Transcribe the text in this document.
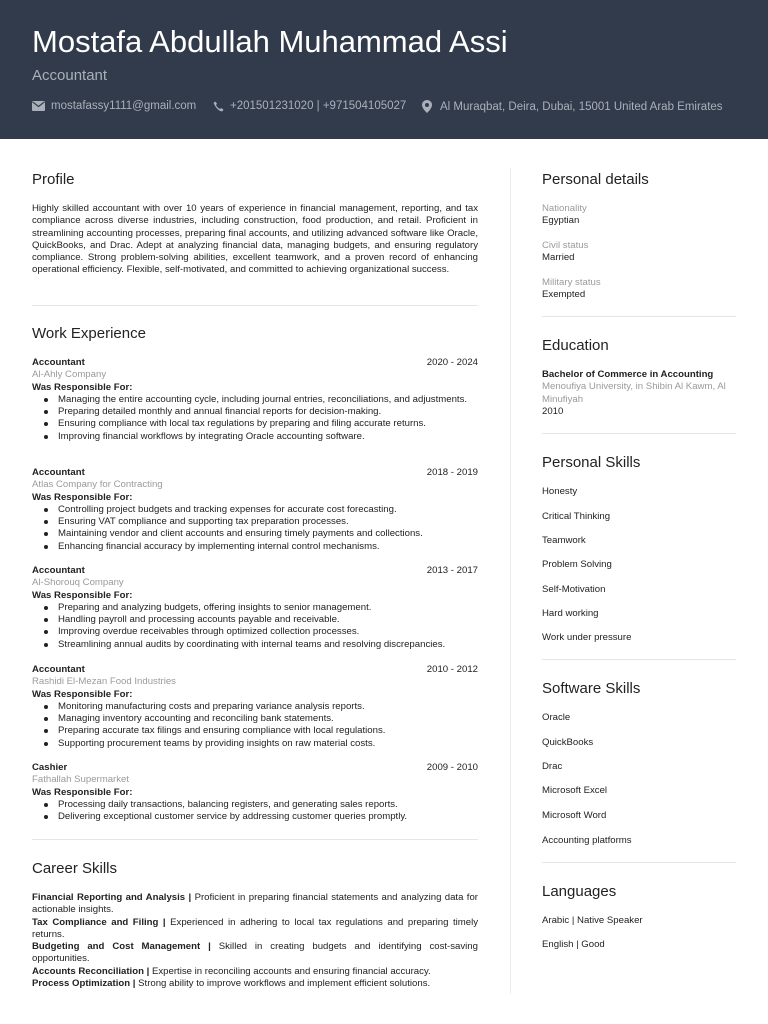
Mostafa Abdullah Muhammad Assi
Accountant
mostafassy1111@gmail.com	+201501231020 | +971504105027	Al Muraqbat, Deira, Dubai, 15001 United Arab Emirates
Profile
Highly skilled accountant with over 10 years of experience in financial management, reporting, and tax compliance across diverse industries, including construction, food production, and retail. Proficient in streamlining accounting processes, preparing final accounts, and utilizing advanced software like Oracle, QuickBooks, and Drac. Adept at analyzing financial data, managing budgets, and ensuring regulatory compliance. Strong problem-solving abilities, excellent teamwork, and a proven record of enhancing operational efficiency. Flexible, self-motivated, and committed to achieving organizational success.
Work Experience
Accountant	2020 - 2024
Al-Ahly Company
Was Responsible For:
Managing the entire accounting cycle, including journal entries, reconciliations, and adjustments.
Preparing detailed monthly and annual financial reports for decision-making.
Ensuring compliance with local tax regulations by preparing and filing accurate returns.
Improving financial workflows by integrating Oracle accounting software.
Accountant	2018 - 2019
Atlas Company for Contracting
Was Responsible For:
Controlling project budgets and tracking expenses for accurate cost forecasting.
Ensuring VAT compliance and supporting tax preparation processes.
Maintaining vendor and client accounts and ensuring timely payments and collections.
Enhancing financial accuracy by implementing internal control mechanisms.
Accountant	2013 - 2017
Al-Shorouq Company
Was Responsible For:
Preparing and analyzing budgets, offering insights to senior management.
Handling payroll and processing accounts payable and receivable.
Improving overdue receivables through optimized collection processes.
Streamlining annual audits by coordinating with internal teams and resolving discrepancies.
Accountant	2010 - 2012
Rashidi El-Mezan Food Industries
Was Responsible For:
Monitoring manufacturing costs and preparing variance analysis reports.
Managing inventory accounting and reconciling bank statements.
Preparing accurate tax filings and ensuring compliance with local regulations.
Supporting procurement teams by providing insights on raw material costs.
Cashier	2009 - 2010
Fathallah Supermarket
Was Responsible For:
Processing daily transactions, balancing registers, and generating sales reports.
Delivering exceptional customer service by addressing customer queries promptly.
Career Skills
Financial Reporting and Analysis | Proficient in preparing financial statements and analyzing data for actionable insights.
Tax Compliance and Filing | Experienced in adhering to local tax regulations and preparing timely returns.
Budgeting and Cost Management | Skilled in creating budgets and identifying cost-saving opportunities.
Accounts Reconciliation | Expertise in reconciling accounts and ensuring financial accuracy.
Process Optimization | Strong ability to improve workflows and implement efficient solutions.
Personal details
Nationality
Egyptian
Civil status
Married
Military status
Exempted
Education
Bachelor of Commerce in Accounting
Menoufiya University, in Shibin Al Kawm, Al Minufiyah
2010
Personal Skills
Honesty
Critical Thinking
Teamwork
Problem Solving
Self-Motivation
Hard working
Work under pressure
Software Skills
Oracle
QuickBooks
Drac
Microsoft Excel
Microsoft Word
Accounting platforms
Languages
Arabic | Native Speaker
English | Good
